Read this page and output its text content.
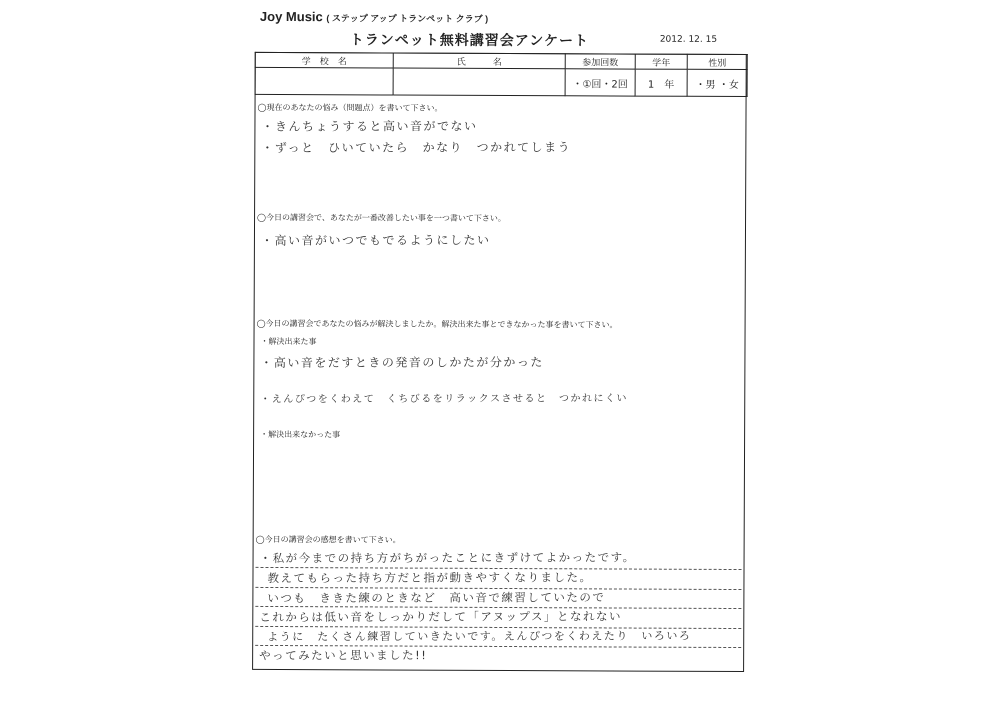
Joy Music ( ステップ アップ トランペット クラブ )
トランペット無料講習会アンケート	2012. 12. 15
学　校　名	氏　　　名	参加回数	学年	性別
		・①回・2回	1　年	・男 ・女
◯現在のあなたの悩み（問題点）を書いて下さい。
・きんちょうすると高い音がでない
・ずっと　ひいていたら　かなり　つかれてしまう
◯今日の講習会で、あなたが一番改善したい事を一つ書いて下さい。
・高い音がいつでもでるようにしたい
◯今日の講習会であなたの悩みが解決しましたか。解決出来た事とできなかった事を書いて下さい。
・解決出来た事
・高い音をだすときの発音のしかたが分かった
・えんぴつをくわえて　くちびるをリラックスさせると　つかれにくい
・解決出来なかった事
◯今日の講習会の感想を書いて下さい。
・私が今までの持ち方がちがったことにきずけてよかったです。
教えてもらった持ち方だと指が動きやすくなりました。
いつも　ききた練のときなど　高い音で練習していたので
これからは低い音をしっかりだして「アヌップス」となれない
ように　たくさん練習していきたいです。えんぴつをくわえたり　いろいろ
やってみたいと思いました!!
